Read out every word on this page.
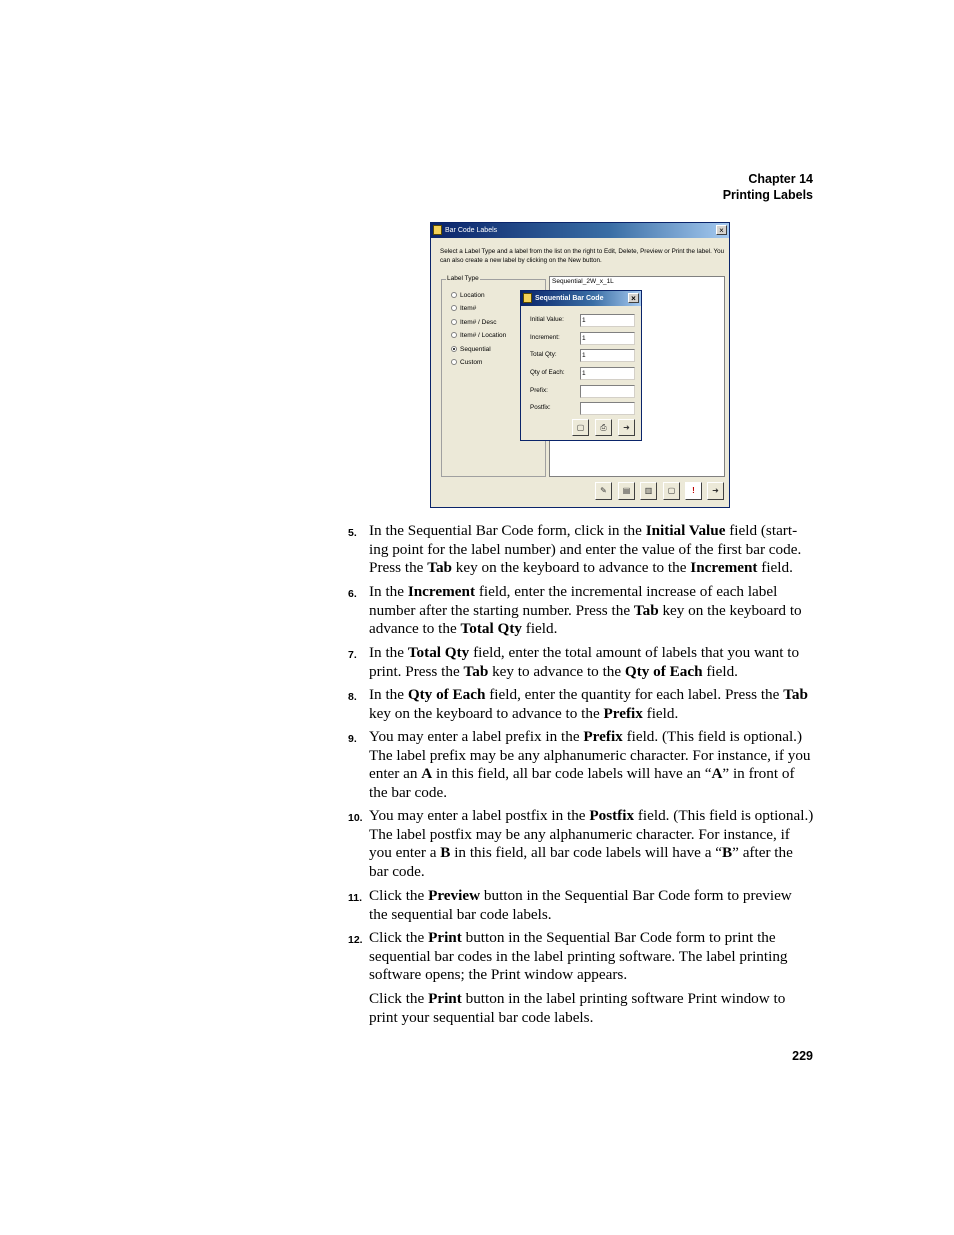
Chapter 14
Printing Labels
Bar Code Labels	×
Select a Label Type and a label from the list on the right to Edit, Delete, Preview or Print the label. You can also create a new label by clicking on the New button.
Label Type
Location
Item#
Item# / Desc
Item# / Location
Sequential
Custom
Sequential_2W_x_1L
✎	▤	▥	▢	!	➜
Sequential Bar Code	×
Initial Value:	1
Increment:	1
Total Qty:	1
Qty of Each:	1
Prefix:
Postfix:
▢	⎙	➜
5. In the Sequential Bar Code form, click in the Initial Value field (start-ing point for the label number) and enter the value of the first bar code. Press the Tab key on the keyboard to advance to the Increment field.
6. In the Increment field, enter the incremental increase of each label number after the starting number. Press the Tab key on the keyboard to advance to the Total Qty field.
7. In the Total Qty field, enter the total amount of labels that you want to print. Press the Tab key to advance to the Qty of Each field.
8. In the Qty of Each field, enter the quantity for each label. Press the Tab key on the keyboard to advance to the Prefix field.
9. You may enter a label prefix in the Prefix field. (This field is optional.) The label prefix may be any alphanumeric character. For instance, if you enter an A in this field, all bar code labels will have an “A” in front of the bar code.
10. You may enter a label postfix in the Postfix field. (This field is optional.) The label postfix may be any alphanumeric character. For instance, if you enter a B in this field, all bar code labels will have a “B” after the bar code.
11. Click the Preview button in the Sequential Bar Code form to preview the sequential bar code labels.
12. Click the Print button in the Sequential Bar Code form to print the sequential bar codes in the label printing software. The label printing software opens; the Print window appears.
Click the Print button in the label printing software Print window to print your sequential bar code labels.
229
